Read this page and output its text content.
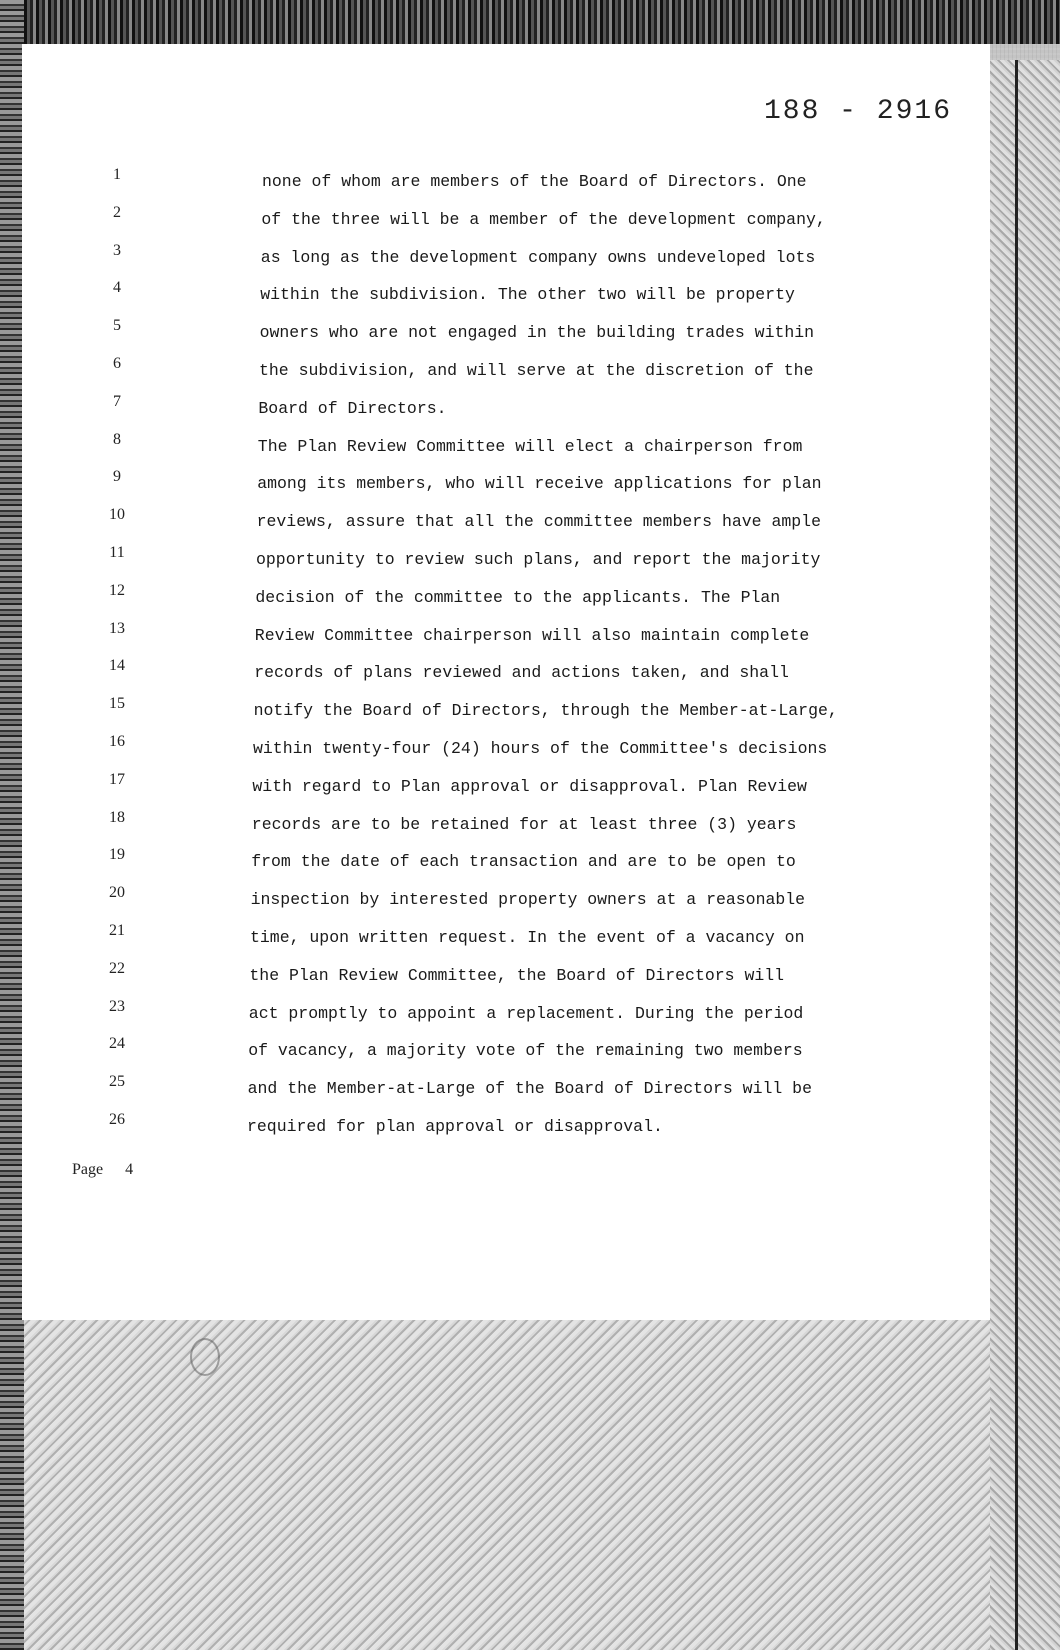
188 - 2916
1	none of whom are members of the Board of Directors. One
2	of the three will be a member of the development company,
3	as long as the development company owns undeveloped lots
4	within the subdivision. The other two will be property
5	owners who are not engaged in the building trades within
6	the subdivision, and will serve at the discretion of the
7	Board of Directors.
8	The Plan Review Committee will elect a chairperson from
9	among its members, who will receive applications for plan
10	reviews, assure that all the committee members have ample
11	opportunity to review such plans, and report the majority
12	decision of the committee to the applicants. The Plan
13	Review Committee chairperson will also maintain complete
14	records of plans reviewed and actions taken, and shall
15	notify the Board of Directors, through the Member-at-Large,
16	within twenty-four (24) hours of the Committee's decisions
17	with regard to Plan approval or disapproval. Plan Review
18	records are to be retained for at least three (3) years
19	from the date of each transaction and are to be open to
20	inspection by interested property owners at a reasonable
21	time, upon written request. In the event of a vacancy on
22	the Plan Review Committee, the Board of Directors will
23	act promptly to appoint a replacement. During the period
24	of vacancy, a majority vote of the remaining two members
25	and the Member-at-Large of the Board of Directors will be
26	required for plan approval or disapproval.
Page 4
